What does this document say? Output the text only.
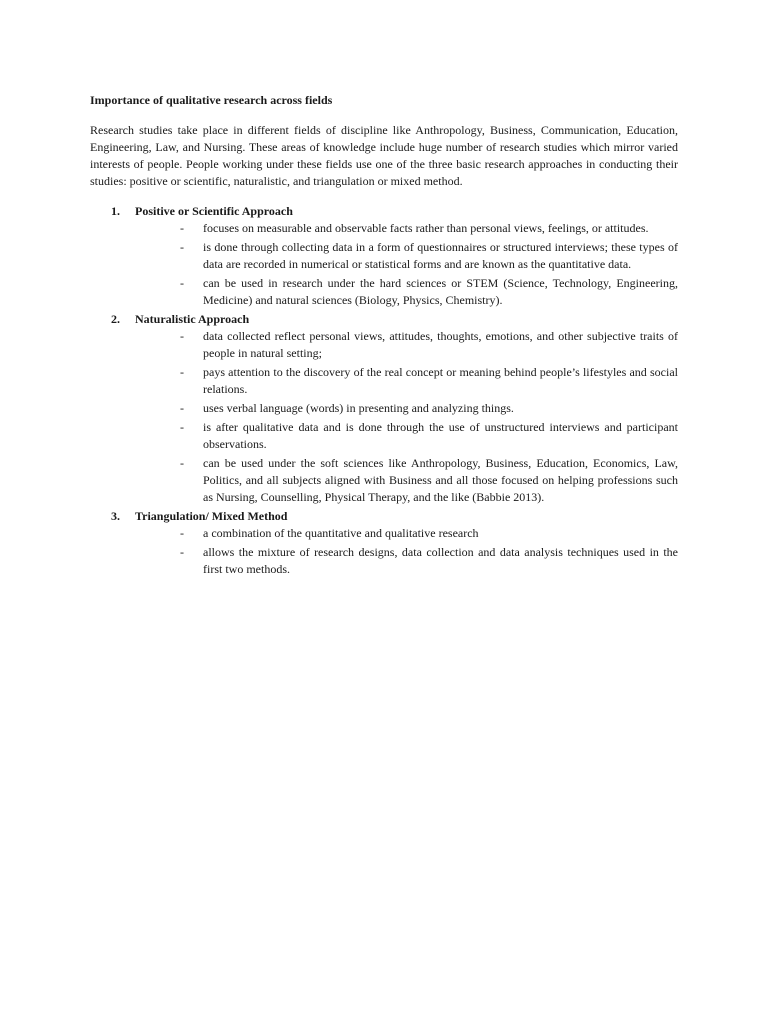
Importance of qualitative research across fields

Research studies take place in different fields of discipline like Anthropology, Business, Communication, Education, Engineering, Law, and Nursing. These areas of knowledge include huge number of research studies which mirror varied interests of people. People working under these fields use one of the three basic research approaches in conducting their studies: positive or scientific, naturalistic, and triangulation or mixed method.

1. Positive or Scientific Approach
- focuses on measurable and observable facts rather than personal views, feelings, or attitudes.
- is done through collecting data in a form of questionnaires or structured interviews; these types of data are recorded in numerical or statistical forms and are known as the quantitative data.
- can be used in research under the hard sciences or STEM (Science, Technology, Engineering, Medicine) and natural sciences (Biology, Physics, Chemistry).
2. Naturalistic Approach
- data collected reflect personal views, attitudes, thoughts, emotions, and other subjective traits of people in natural setting;
- pays attention to the discovery of the real concept or meaning behind people’s lifestyles and social relations.
- uses verbal language (words) in presenting and analyzing things.
- is after qualitative data and is done through the use of unstructured interviews and participant observations.
- can be used under the soft sciences like Anthropology, Business, Education, Economics, Law, Politics, and all subjects aligned with Business and all those focused on helping professions such as Nursing, Counselling, Physical Therapy, and the like (Babbie 2013).
3. Triangulation/ Mixed Method
- a combination of the quantitative and qualitative research
- allows the mixture of research designs, data collection and data analysis techniques used in the first two methods.
